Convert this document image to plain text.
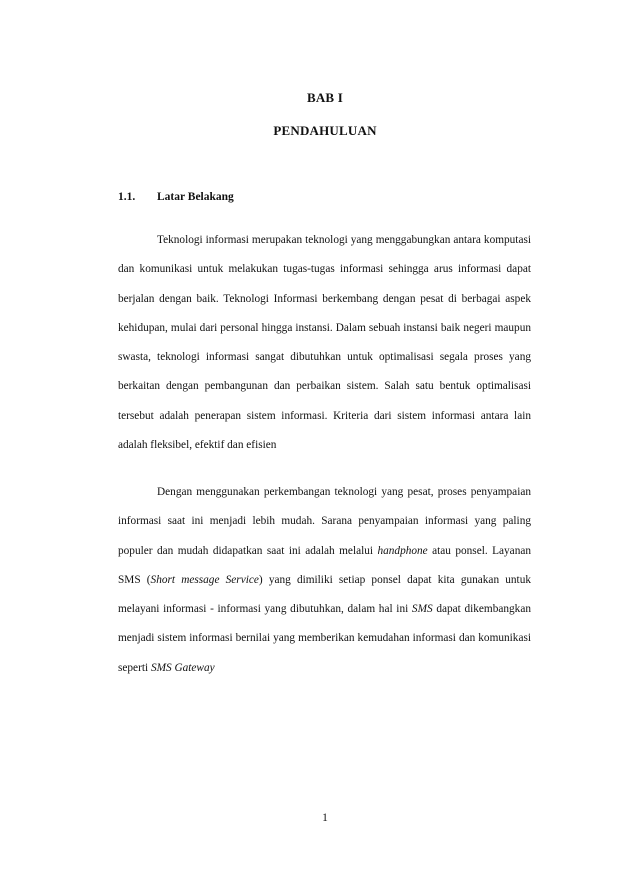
BAB I
PENDAHULUAN
1.1. Latar Belakang

Teknologi informasi merupakan teknologi yang menggabungkan antara komputasi dan komunikasi untuk melakukan tugas-tugas informasi sehingga arus informasi dapat berjalan dengan baik. Teknologi Informasi berkembang dengan pesat di berbagai aspek kehidupan, mulai dari personal hingga instansi. Dalam sebuah instansi baik negeri maupun swasta, teknologi informasi sangat dibutuhkan untuk optimalisasi segala proses yang berkaitan dengan pembangunan dan perbaikan sistem. Salah satu bentuk optimalisasi tersebut adalah penerapan sistem informasi. Kriteria dari sistem informasi antara lain adalah fleksibel, efektif dan efisien

Dengan menggunakan perkembangan teknologi yang pesat, proses penyampaian informasi saat ini menjadi lebih mudah. Sarana penyampaian informasi yang paling populer dan mudah didapatkan saat ini adalah melalui handphone atau ponsel. Layanan SMS (Short message Service) yang dimiliki setiap ponsel dapat kita gunakan untuk melayani informasi - informasi yang dibutuhkan, dalam hal ini SMS dapat dikembangkan menjadi sistem informasi bernilai yang memberikan kemudahan informasi dan komunikasi seperti SMS Gateway

1
